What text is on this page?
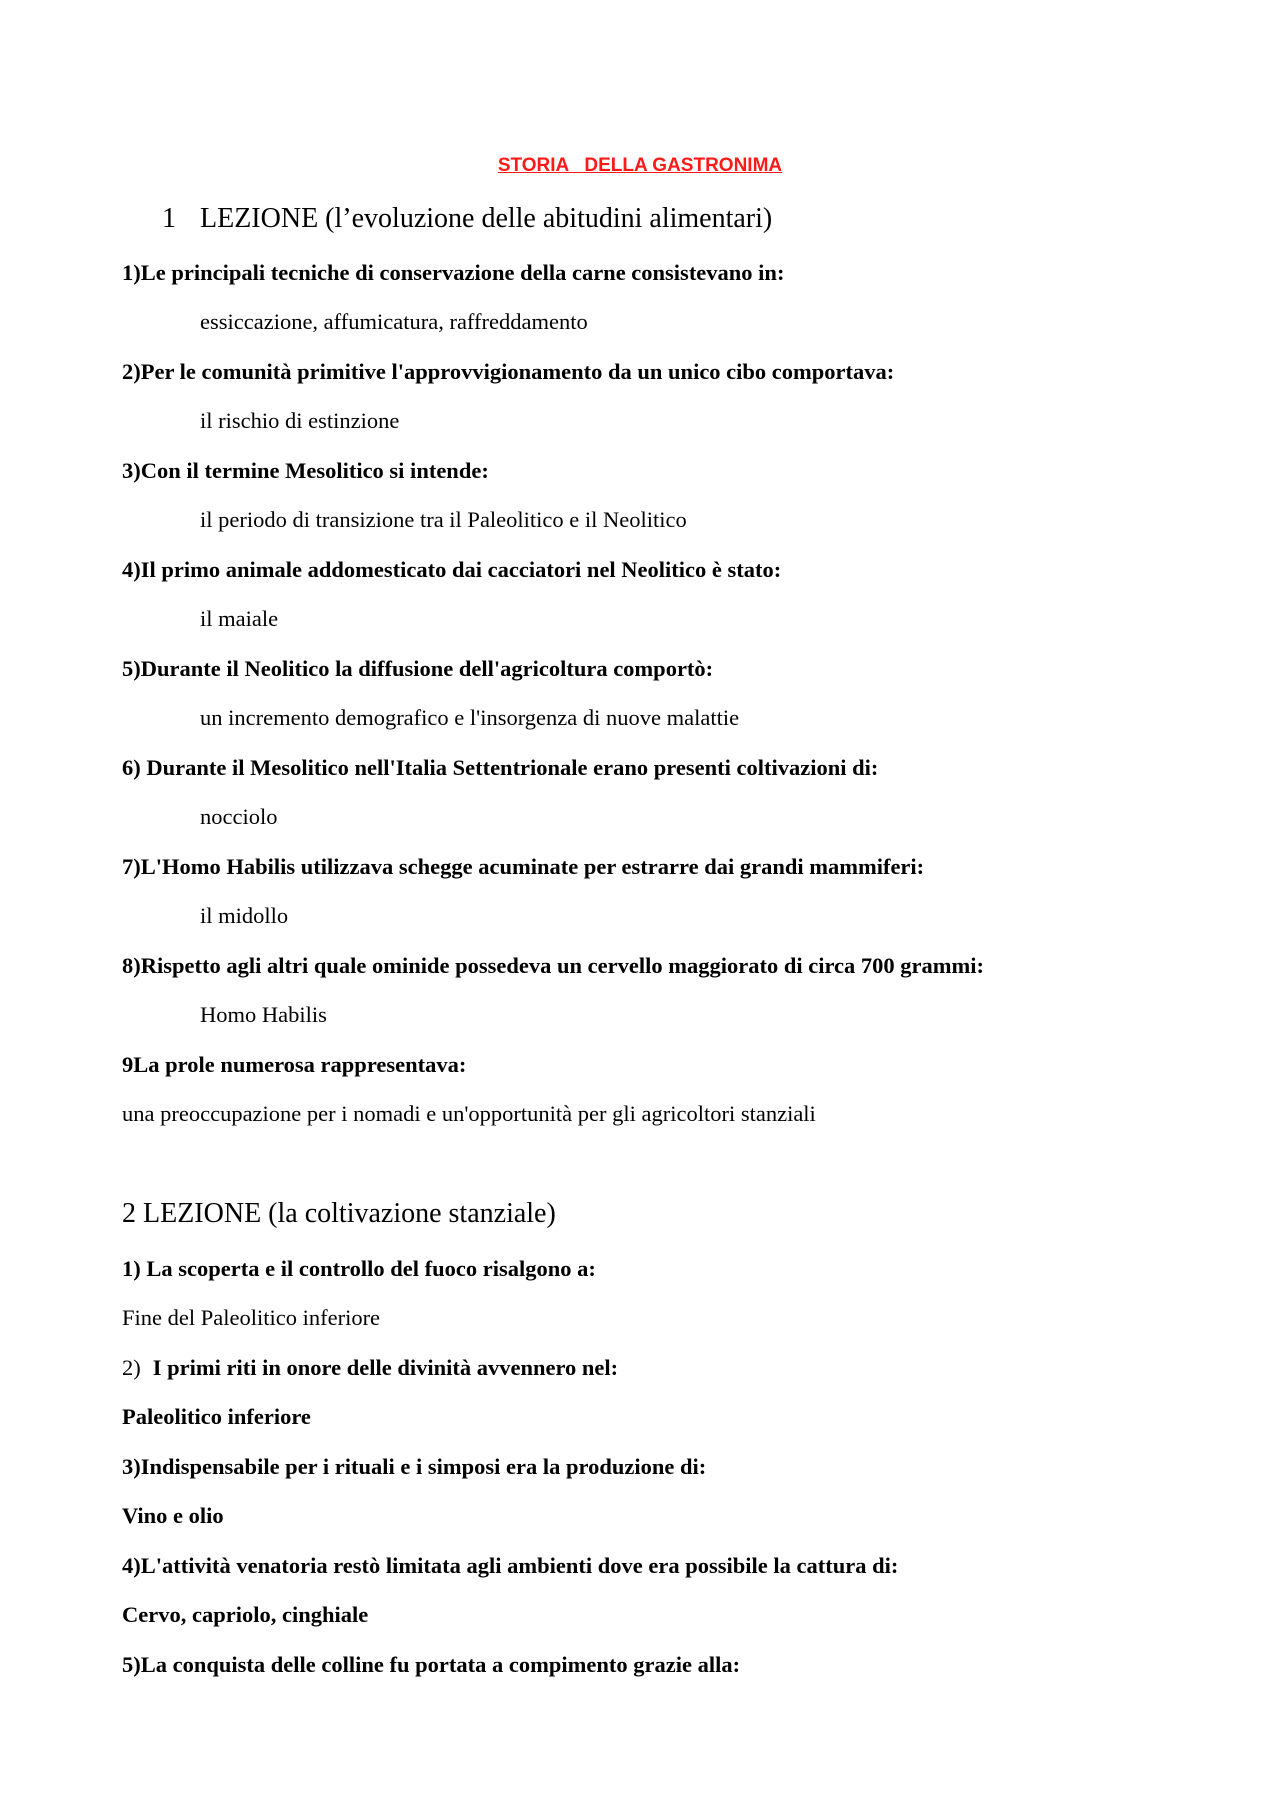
STORIA   DELLA GASTRONIMA
1 LEZIONE (l’evoluzione delle abitudini alimentari)
1)Le principali tecniche di conservazione della carne consistevano in:
essiccazione, affumicatura, raffreddamento
2)Per le comunità primitive l'approvvigionamento da un unico cibo comportava:
il rischio di estinzione
3)Con il termine Mesolitico si intende:
il periodo di transizione tra il Paleolitico e il Neolitico
4)Il primo animale addomesticato dai cacciatori nel Neolitico è stato:
il maiale
5)Durante il Neolitico la diffusione dell'agricoltura comportò:
un incremento demografico e l'insorgenza di nuove malattie
6) Durante il Mesolitico nell'Italia Settentrionale erano presenti coltivazioni di:
nocciolo
7)L'Homo Habilis utilizzava schegge acuminate per estrarre dai grandi mammiferi:
il midollo
8)Rispetto agli altri quale ominide possedeva un cervello maggiorato di circa 700 grammi:
Homo Habilis
9La prole numerosa rappresentava:
una preoccupazione per i nomadi e un'opportunità per gli agricoltori stanziali
2 LEZIONE (la coltivazione stanziale)
1) La scoperta e il controllo del fuoco risalgono a:
Fine del Paleolitico inferiore
2) I primi riti in onore delle divinità avvennero nel:
Paleolitico inferiore
3)Indispensabile per i rituali e i simposi era la produzione di:
Vino e olio
4)L'attività venatoria restò limitata agli ambienti dove era possibile la cattura di:
Cervo, capriolo, cinghiale
5)La conquista delle colline fu portata a compimento grazie alla:
